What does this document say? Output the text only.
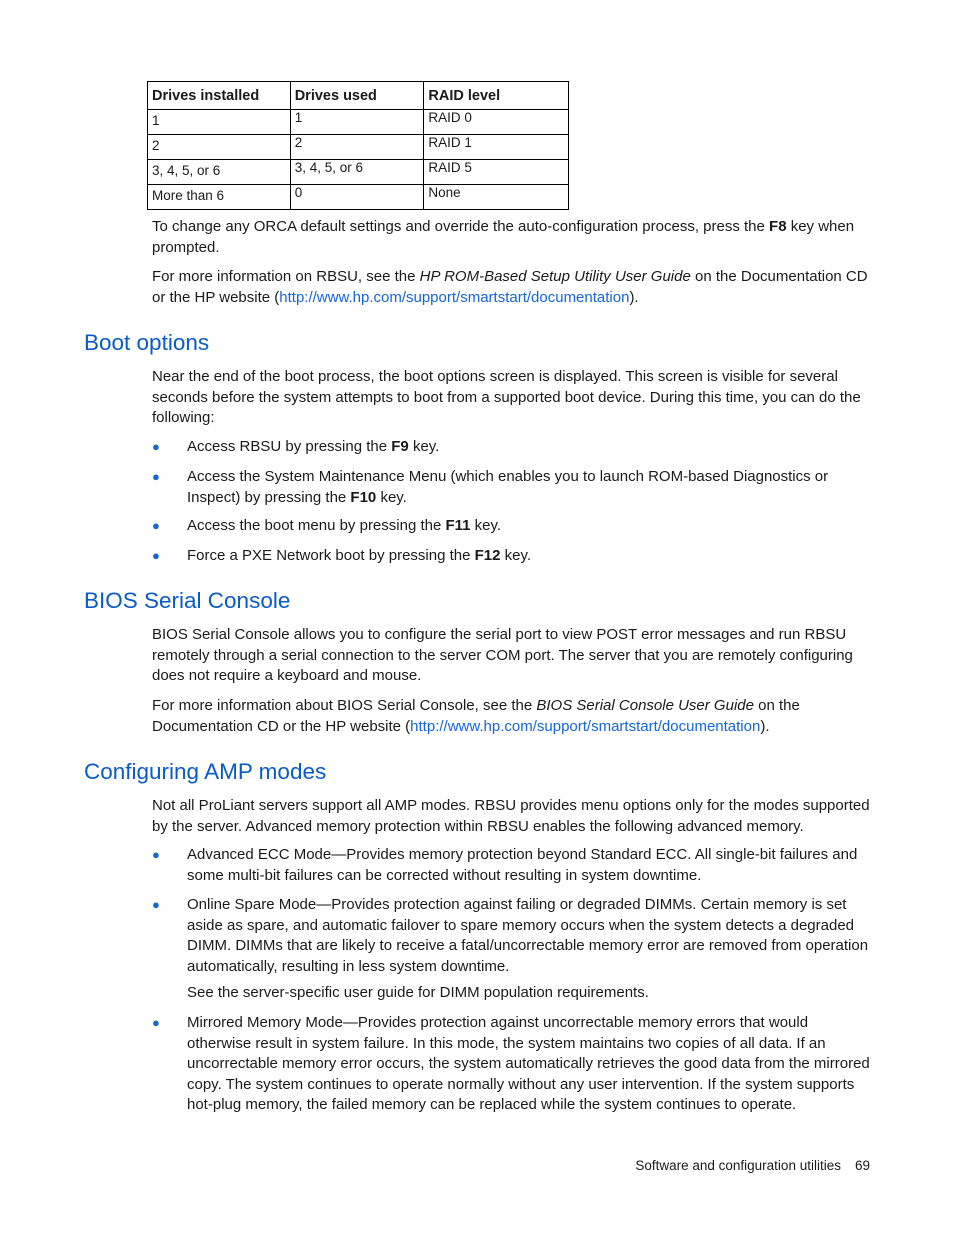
Drives installed	Drives used	RAID level
1	1	RAID 0
2	2	RAID 1
3, 4, 5, or 6	3, 4, 5, or 6	RAID 5
More than 6	0	None

To change any ORCA default settings and override the auto-configuration process, press the F8 key when prompted.

For more information on RBSU, see the HP ROM-Based Setup Utility User Guide on the Documentation CD or the HP website (http://www.hp.com/support/smartstart/documentation).

Boot options

Near the end of the boot process, the boot options screen is displayed. This screen is visible for several seconds before the system attempts to boot from a supported boot device. During this time, you can do the following:

● Access RBSU by pressing the F9 key.
● Access the System Maintenance Menu (which enables you to launch ROM-based Diagnostics or Inspect) by pressing the F10 key.
● Access the boot menu by pressing the F11 key.
● Force a PXE Network boot by pressing the F12 key.
BIOS Serial Console

BIOS Serial Console allows you to configure the serial port to view POST error messages and run RBSU remotely through a serial connection to the server COM port. The server that you are remotely configuring does not require a keyboard and mouse.

For more information about BIOS Serial Console, see the BIOS Serial Console User Guide on the Documentation CD or the HP website (http://www.hp.com/support/smartstart/documentation).

Configuring AMP modes

Not all ProLiant servers support all AMP modes. RBSU provides menu options only for the modes supported by the server. Advanced memory protection within RBSU enables the following advanced memory.

● Advanced ECC Mode—Provides memory protection beyond Standard ECC. All single-bit failures and some multi-bit failures can be corrected without resulting in system downtime.
● Online Spare Mode—Provides protection against failing or degraded DIMMs. Certain memory is set aside as spare, and automatic failover to spare memory occurs when the system detects a degraded DIMM. DIMMs that are likely to receive a fatal/uncorrectable memory error are removed from operation automatically, resulting in less system downtime.
See the server-specific user guide for DIMM population requirements.
● Mirrored Memory Mode—Provides protection against uncorrectable memory errors that would otherwise result in system failure. In this mode, the system maintains two copies of all data. If an uncorrectable memory error occurs, the system automatically retrieves the good data from the mirrored copy. The system continues to operate normally without any user intervention. If the system supports hot-plug memory, the failed memory can be replaced while the system continues to operate.
Software and configuration utilities 69
